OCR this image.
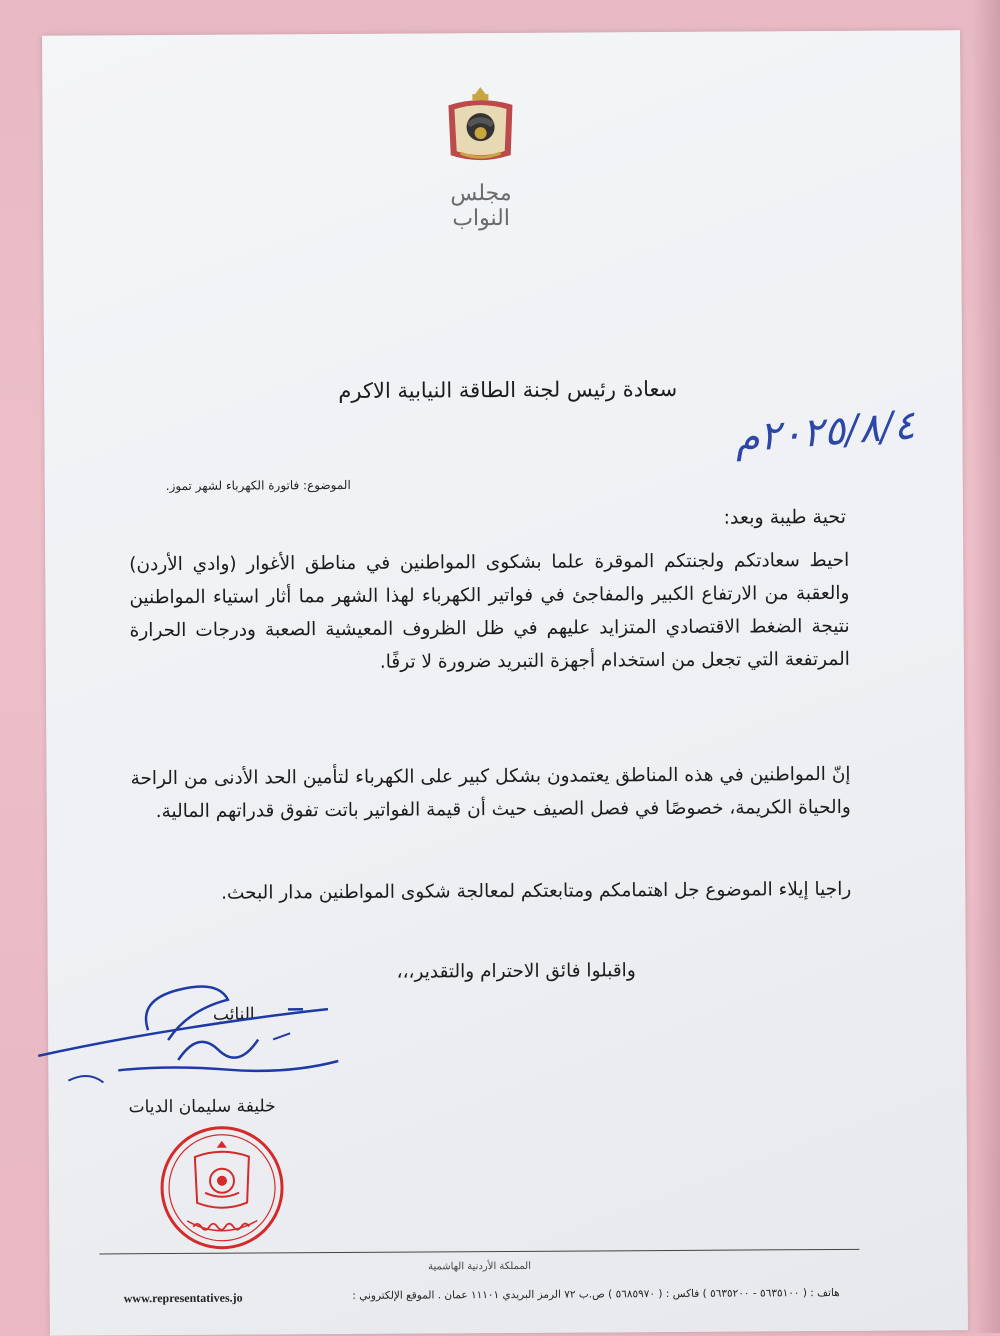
مجلس النواب
سعادة رئيس لجنة الطاقة النيابية الاكرم
٢٠٢٥/٨/٤م
الموضوع: فاتورة الكهرباء لشهر تموز.
تحية طيبة وبعد:
احيط سعادتكم ولجنتكم الموقرة علما بشكوى المواطنين في مناطق الأغوار (وادي الأردن) والعقبة من الارتفاع الكبير والمفاجئ في فواتير الكهرباء لهذا الشهر مما أثار استياء المواطنين نتيجة الضغط الاقتصادي المتزايد عليهم في ظل الظروف المعيشية الصعبة ودرجات الحرارة المرتفعة التي تجعل من استخدام أجهزة التبريد ضرورة لا ترفًا.
إنّ المواطنين في هذه المناطق يعتمدون بشكل كبير على الكهرباء لتأمين الحد الأدنى من الراحة والحياة الكريمة، خصوصًا في فصل الصيف حيث أن قيمة الفواتير باتت تفوق قدراتهم المالية.
راجيا إيلاء الموضوع جل اهتمامكم ومتابعتكم لمعالجة شكوى المواطنين مدار البحث.
واقبلوا فائق الاحترام والتقدير،،،
النائب
خليفة سليمان الديات
المملكة الأردنية الهاشمية
هاتف : ( ٥٦٣٥١٠٠ - ٥٦٣٥٢٠٠ ) فاكس : ( ٥٦٨٥٩٧٠ ) ص.ب ٧٢ الرمز البريدي ١١١٠١ عمان . الموقع الإلكتروني :
www.representatives.jo
